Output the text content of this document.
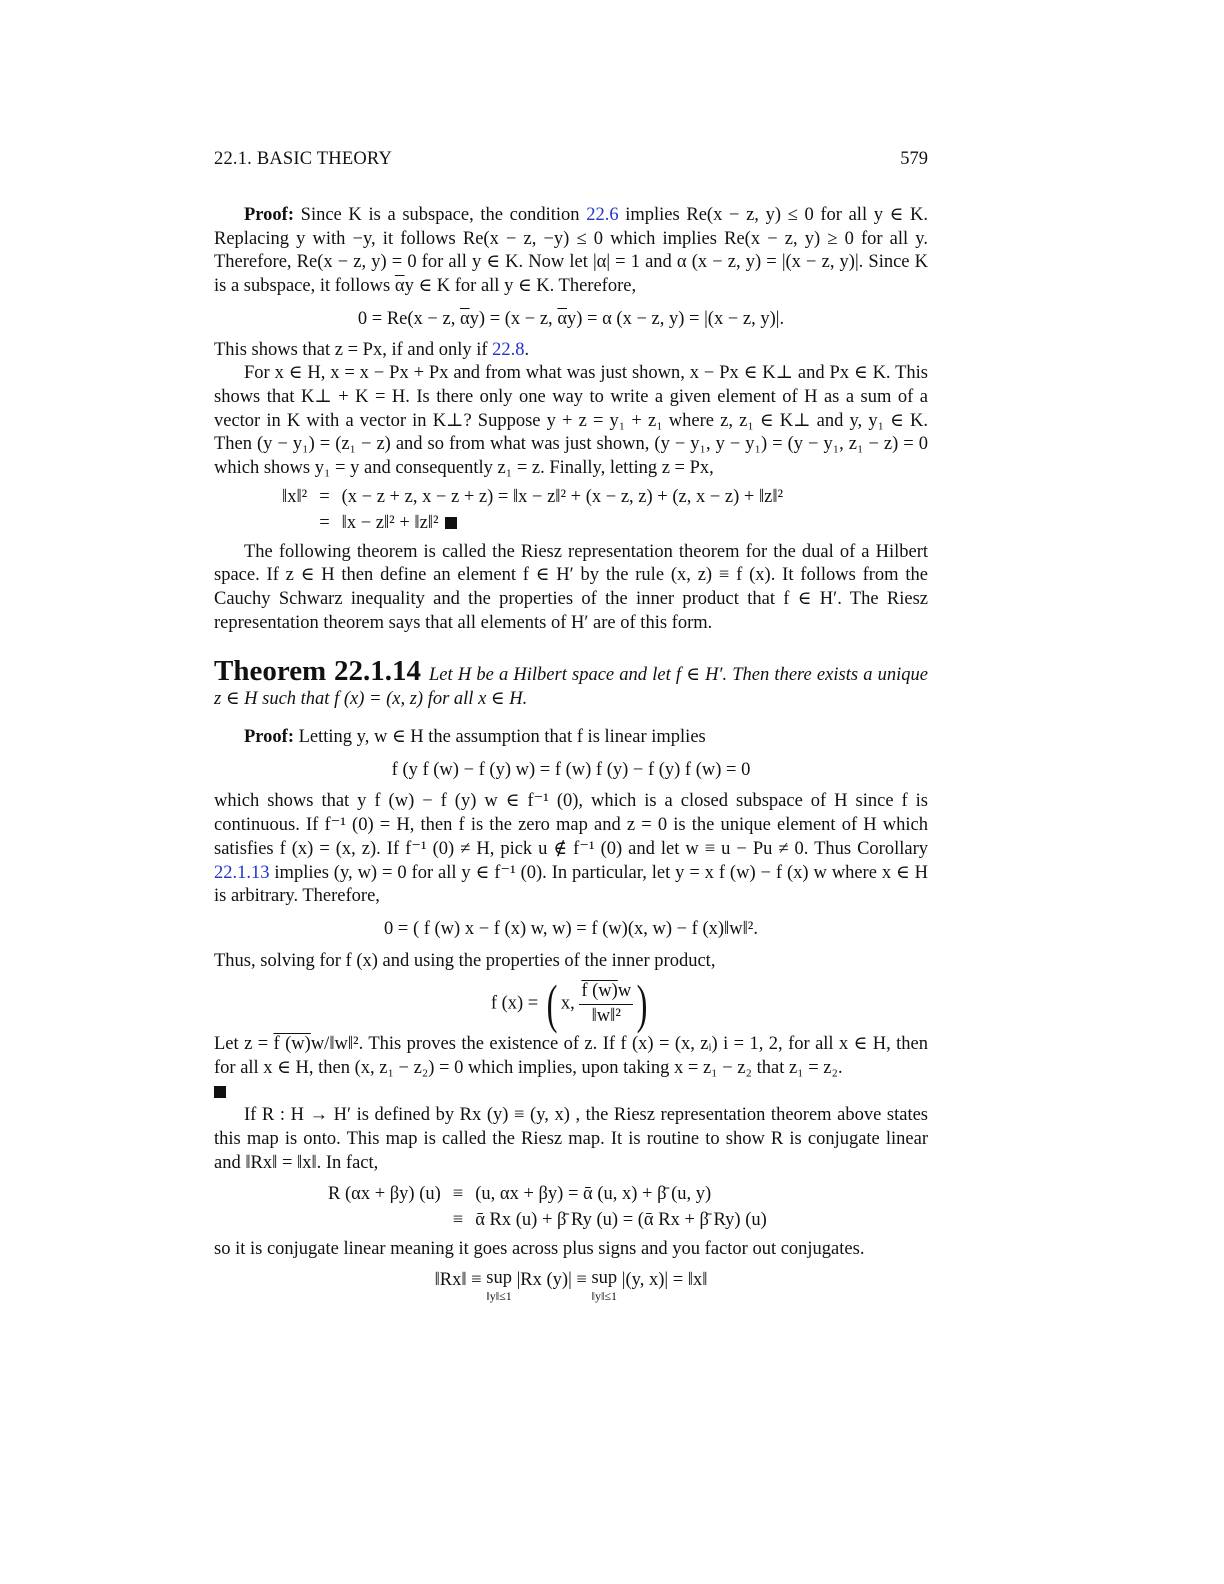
22.1. BASIC THEORY	579

Proof: Since K is a subspace, the condition 22.6 implies Re(x − z, y) ≤ 0 for all y ∈ K. Replacing y with −y, it follows Re(x − z, −y) ≤ 0 which implies Re(x − z, y) ≥ 0 for all y. Therefore, Re(x − z, y) = 0 for all y ∈ K. Now let |α| = 1 and α (x − z, y) = |(x − z, y)|. Since K is a subspace, it follows $\overline{\alpha}y$ ∈ K for all y ∈ K. Therefore,

0 = Re(x − z, $\overline{\alpha}y) = (x - z$, $\overline{\alpha}y) = \alpha$ (x − z, y) = |(x − z, y)|.

This shows that z = Px, if and only if 22.8.

For x ∈ H, x = x − Px + Px and from what was just shown, x − Px ∈ K⊥ and Px ∈ K. This shows that K⊥ + K = H. Is there only one way to write a given element of H as a sum of a vector in K with a vector in K⊥? Suppose y + z = y₁ + z₁ where z, z₁ ∈ K⊥ and y, y₁ ∈ K. Then (y − y₁) = (z₁ − z) and so from what was just shown, (y − y₁, y − y₁) = (y − y₁, z₁ − z) = 0 which shows y₁ = y and consequently z₁ = z. Finally, letting z = Px,

‖x‖²	=	(x − z + z, x − z + z) = ‖x − z‖² + (x − z, z) + (z, x − z) + ‖z‖²
	=	‖x − z‖² + ‖z‖²

The following theorem is called the Riesz representation theorem for the dual of a Hilbert space. If z ∈ H then define an element f ∈ H′ by the rule (x, z) ≡ f (x). It follows from the Cauchy Schwarz inequality and the properties of the inner product that f ∈ H′. The Riesz representation theorem says that all elements of H′ are of this form.

Theorem 22.1.14 Let H be a Hilbert space and let f ∈ H′. Then there exists a unique z ∈ H such that f (x) = (x, z) for all x ∈ H.

Proof: Letting y, w ∈ H the assumption that f is linear implies

f (y f (w) − f (y) w) = f (w) f (y) − f (y) f (w) = 0

which shows that y f (w) − f (y) w ∈ f⁻¹ (0), which is a closed subspace of H since f is continuous. If f⁻¹ (0) = H, then f is the zero map and z = 0 is the unique element of H which satisfies f (x) = (x, z). If f⁻¹ (0) ≠ H, pick u ∉ f⁻¹ (0) and let w ≡ u − Pu ≠ 0. Thus Corollary 22.1.13 implies (y, w) = 0 for all y ∈ f⁻¹ (0). In particular, let y = x f (w) − f (x) w where x ∈ H is arbitrary. Therefore,

0 = ( f (w) x − f (x) w, w) = f (w)(x, w) − f (x)‖w‖².

Thus, solving for f (x) and using the properties of the inner product,

f (x) = ( x, $\frac{f (w)w}{\text{‖w‖²}}$ )

Let z = f (w)w/‖w‖². This proves the existence of z. If f (x) = (x, zᵢ) i = 1, 2, for all x ∈ H, then for all x ∈ H, then (x, z₁ − z₂) = 0 which implies, upon taking x = z₁ − z₂ that z₁ = z₂.

If R : H → H′ is defined by Rx (y) ≡ (y, x) , the Riesz representation theorem above states this map is onto. This map is called the Riesz map. It is routine to show R is conjugate linear and ‖Rx‖ = ‖x‖. In fact,

R (αx + βy) (u)	≡	(u, αx + βy) = ᾱ (u, x) + β̄ (u, y)
	≡	ᾱ Rx (u) + β̄ Ry (u) = (ᾱ Rx + β̄ Ry) (u)

so it is conjugate linear meaning it goes across plus signs and you factor out conjugates.

‖Rx‖ ≡ sup
‖y‖≤1
|Rx (y)| ≡ sup
‖y‖≤1
|(y, x)| = ‖x‖
